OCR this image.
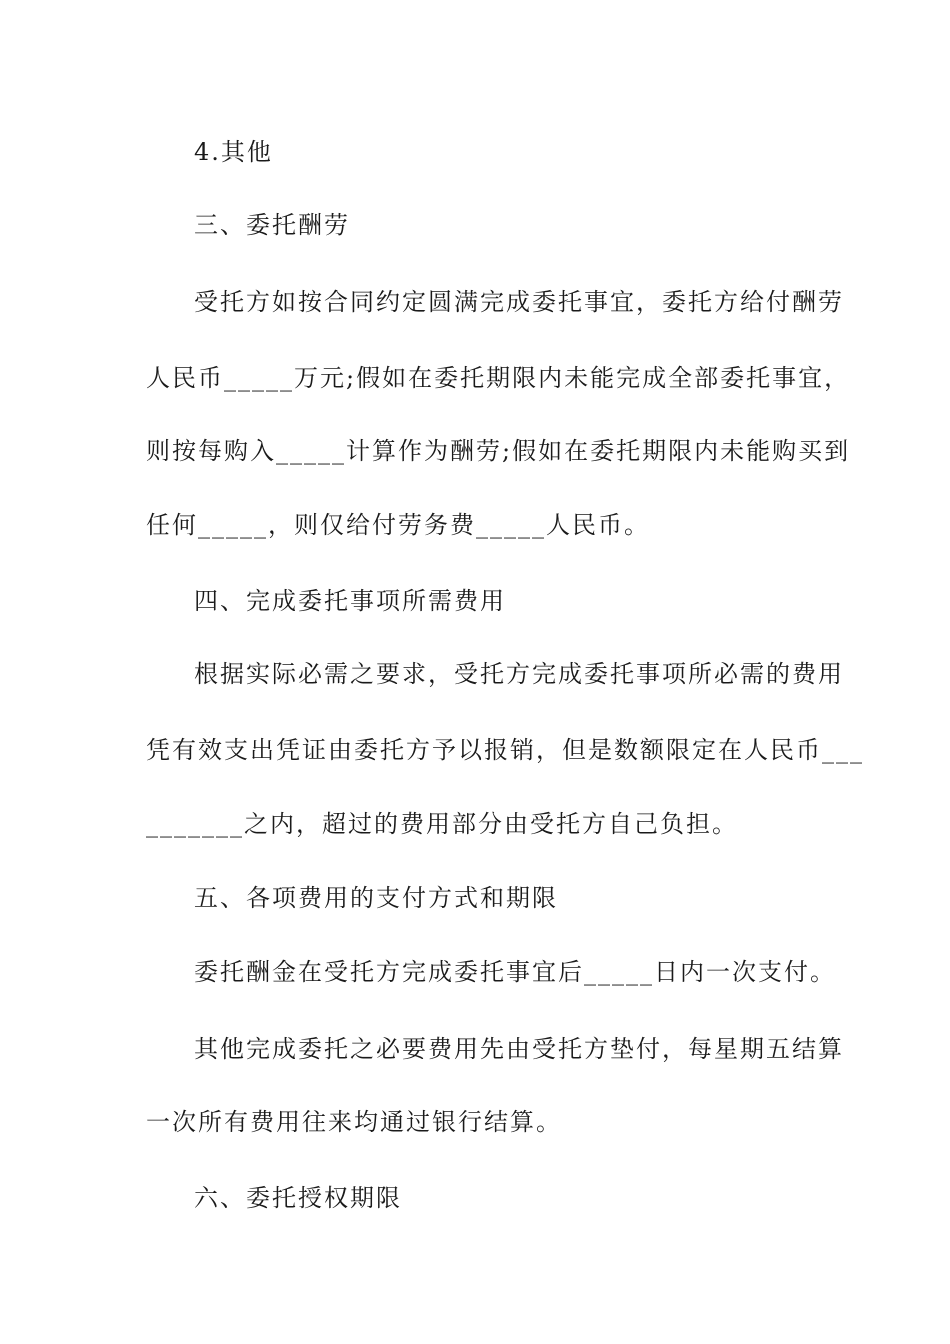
4.其他
三、委托酬劳
受托方如按合同约定圆满完成委托事宜，委托方给付酬劳
人民币_____万元;假如在委托期限内未能完成全部委托事宜，
则按每购入_____计算作为酬劳;假如在委托期限内未能购买到
任何_____，则仅给付劳务费_____人民币。
四、完成委托事项所需费用
根据实际必需之要求，受托方完成委托事项所必需的费用
凭有效支出凭证由委托方予以报销，但是数额限定在人民币___
_______之内，超过的费用部分由受托方自己负担。
五、各项费用的支付方式和期限
委托酬金在受托方完成委托事宜后_____日内一次支付。
其他完成委托之必要费用先由受托方垫付，每星期五结算
一次所有费用往来均通过银行结算。
六、委托授权期限
